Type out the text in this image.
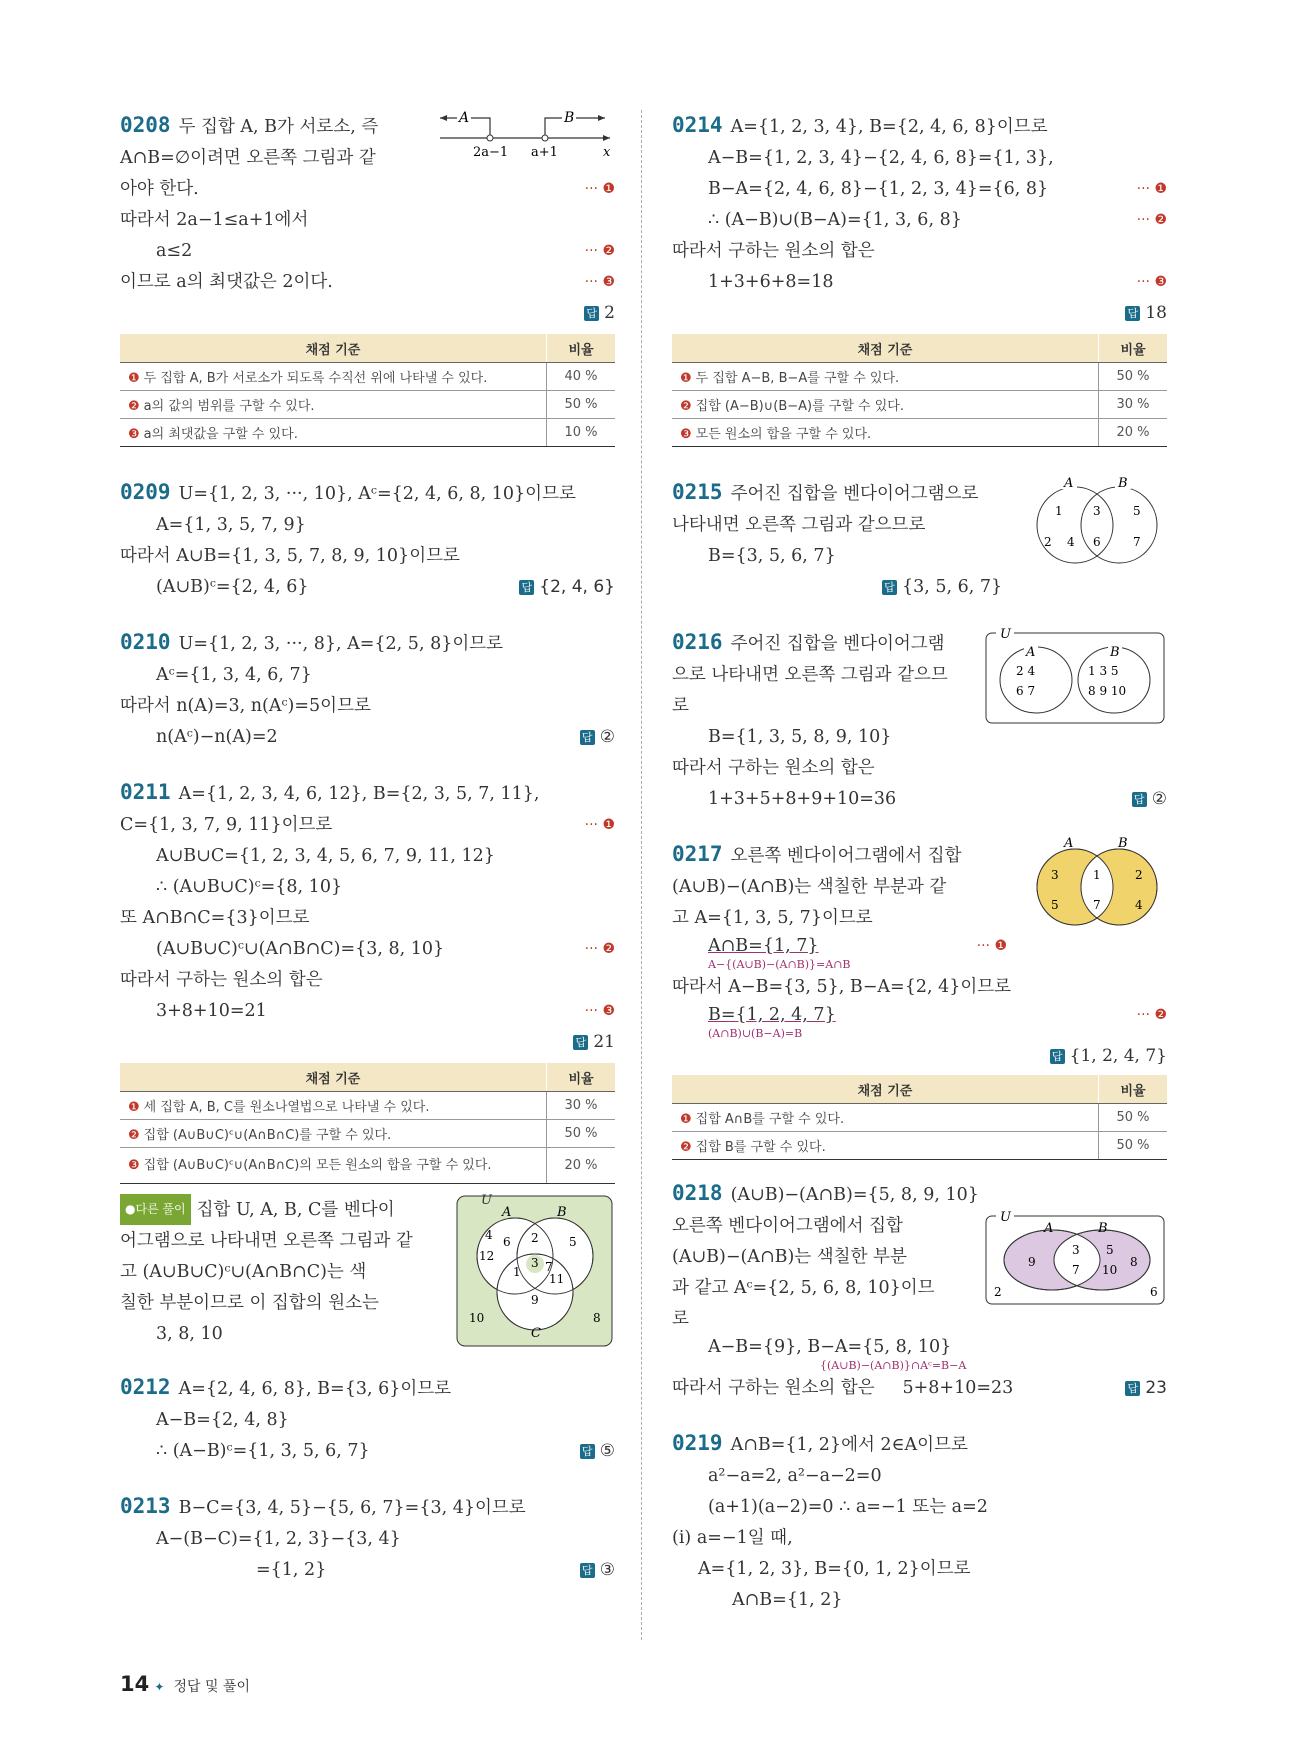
0208 두 집합 A, B가 서로소, 즉
A∩B=∅이려면 오른쪽 그림과 같
아야 한다.	··· ❶
따라서 2a−1≤a+1에서
a≤2	··· ❷
이므로 a의 최댓값은 2이다.	··· ❸
답 2
A	B
2a−1 a+1	x
채점 기준	비율
❶ 두 집합 A, B가 서로소가 되도록 수직선 위에 나타낼 수 있다.	40 %
❷ a의 값의 범위를 구할 수 있다.	50 %
❸ a의 최댓값을 구할 수 있다.	10 %
0209 U={1, 2, 3, ···, 10}, Aᶜ={2, 4, 6, 8, 10}이므로
A={1, 3, 5, 7, 9}
따라서 A∪B={1, 3, 5, 7, 8, 9, 10}이므로
(A∪B)ᶜ={2, 4, 6}	답 {2, 4, 6}
0210 U={1, 2, 3, ···, 8}, A={2, 5, 8}이므로
Aᶜ={1, 3, 4, 6, 7}
따라서 n(A)=3, n(Aᶜ)=5이므로
n(Aᶜ)−n(A)=2	답 ②
0211 A={1, 2, 3, 4, 6, 12}, B={2, 3, 5, 7, 11},
C={1, 3, 7, 9, 11}이므로	··· ❶
A∪B∪C={1, 2, 3, 4, 5, 6, 7, 9, 11, 12}
∴ (A∪B∪C)ᶜ={8, 10}
또 A∩B∩C={3}이므로
(A∪B∪C)ᶜ∪(A∩B∩C)={3, 8, 10}	··· ❷
따라서 구하는 원소의 합은
3+8+10=21	··· ❸
답 21
채점 기준	비율
❶ 세 집합 A, B, C를 원소나열법으로 나타낼 수 있다.	30 %
❷ 집합 (A∪B∪C)ᶜ∪(A∩B∩C)를 구할 수 있다.	50 %
❸ 집합 (A∪B∪C)ᶜ∪(A∩B∩C)의 모든 원소의 합을 구할 수 있다.	20 %
●다른 풀이 집합 U, A, B, C를 벤다이
어그램으로 나타내면 오른쪽 그림과 같
고 (A∪B∪C)ᶜ∪(A∩B∩C)는 색
칠한 부분이므로 이 집합의 원소는
3, 8, 10
U
A	B
C
4 6 2	5
12	3
1 7
11
9
10	8
0212 A={2, 4, 6, 8}, B={3, 6}이므로
A−B={2, 4, 8}
∴ (A−B)ᶜ={1, 3, 5, 6, 7}	답 ⑤
0213 B−C={3, 4, 5}−{5, 6, 7}={3, 4}이므로
A−(B−C)={1, 2, 3}−{3, 4}
={1, 2}	답 ③
0214 A={1, 2, 3, 4}, B={2, 4, 6, 8}이므로
A−B={1, 2, 3, 4}−{2, 4, 6, 8}={1, 3},
B−A={2, 4, 6, 8}−{1, 2, 3, 4}={6, 8}	··· ❶
∴ (A−B)∪(B−A)={1, 3, 6, 8}	··· ❷
따라서 구하는 원소의 합은
1+3+6+8=18	··· ❸
답 18
채점 기준	비율
❶ 두 집합 A−B, B−A를 구할 수 있다.	50 %
❷ 집합 (A−B)∪(B−A)를 구할 수 있다.	30 %
❸ 모든 원소의 합을 구할 수 있다.	20 %
0215 주어진 집합을 벤다이어그램으로
나타내면 오른쪽 그림과 같으므로
B={3, 5, 6, 7}
답 {3, 5, 6, 7}
A	B
1	3	5
2 4 6	7
0216 주어진 집합을 벤다이어그램
으로 나타내면 오른쪽 그림과 같으므
로
B={1, 3, 5, 8, 9, 10}
따라서 구하는 원소의 합은
1+3+5+8+9+10=36	답 ②
U
A	B
2 4
6 7
1 3 5
8 9 10
0217 오른쪽 벤다이어그램에서 집합
(A∪B)−(A∩B)는 색칠한 부분과 같
고 A={1, 3, 5, 7}이므로
A∩B={1, 7}	··· ❶
A−{(A∪B)−(A∩B)}=A∩B
따라서 A−B={3, 5}, B−A={2, 4}이므로
B={1, 2, 4, 7}	··· ❷
(A∩B)∪(B−A)=B
답 {1, 2, 4, 7}
A	B
3	1	2
5	7	4
채점 기준	비율
❶ 집합 A∩B를 구할 수 있다.	50 %
❷ 집합 B를 구할 수 있다.	50 %
0218 (A∪B)−(A∩B)={5, 8, 9, 10}
오른쪽 벤다이어그램에서 집합
(A∪B)−(A∩B)는 색칠한 부분
과 같고 Aᶜ={2, 5, 6, 8, 10}이므
로
A−B={9}, B−A={5, 8, 10}
{(A∪B)−(A∩B)}∩Aᶜ=B−A
따라서 구하는 원소의 합은 5+8+10=23	답 23
U
A	B
9
3
7
5
10
8
2	6
0219 A∩B={1, 2}에서 2∈A이므로
a²−a=2, a²−a−2=0
(a+1)(a−2)=0 ∴ a=−1 또는 a=2
(ⅰ) a=−1일 때,
A={1, 2, 3}, B={0, 1, 2}이므로
A∩B={1, 2}
14 ✦ 정답 및 풀이
